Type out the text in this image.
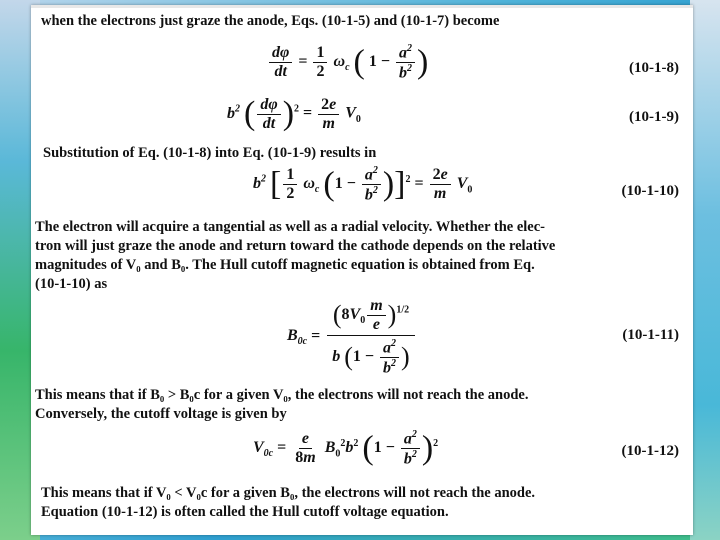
when the electrons just graze the anode, Eqs. (10-1-5) and (10-1-7) become
$\frac{d\varphi}{dt} = \frac{1}{2} \omega_c$ ( $1 - \frac{a^2}{b^2}$ )	(10-1-8)
$b^2$ ( $\frac{d\varphi}{dt} )^2 = \frac{2e}{m} V_0$	(10-1-9)
Substitution of Eq. (10-1-8) into Eq. (10-1-9) results in
$b^2$ [ $\frac{1}{2} \omega_c$ $(1 - \frac{a^2}{b^2} )]^2 = \frac{2e}{m} V_0$	(10-1-10)
The electron will acquire a tangential as well as a radial velocity. Whether the elec-
tron will just graze the anode and return toward the cathode depends on the relative
magnitudes of V₀ and B₀. The Hull cutoff magnetic equation is obtained from Eq.
(10-1-10) as
$B_{0c} = \frac{(8V_0 \frac{m}{e} )^{1/2}}{b (1 - \frac{a^2}{b^2} )}$	(10-1-11)
This means that if B₀ > B₀c for a given V₀, the electrons will not reach the anode.
Conversely, the cutoff voltage is given by
$V_{0c} = \frac{e}{8m} B_0^2b^2$ $(1 - \frac{a^2}{b^2} )^2$	(10-1-12)
This means that if V₀ < V₀c for a given B₀, the electrons will not reach the anode.
Equation (10-1-12) is often called the Hull cutoff voltage equation.
